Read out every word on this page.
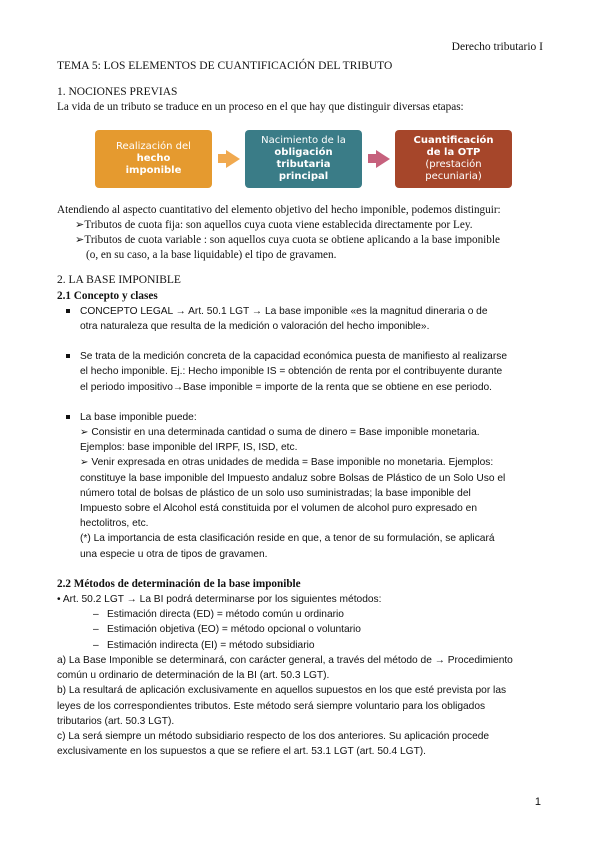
Derecho tributario I
TEMA 5: LOS ELEMENTOS DE CUANTIFICACIÓN DEL TRIBUTO
1. NOCIONES PREVIAS

La vida de un tributo se traduce en un proceso en el que hay que distinguir diversas etapas:

Realización del
hecho
imponible
Nacimiento de la
obligación
tributaria
principal
Cuantificación
de la OTP
(prestación
pecuniaria)

Atendiendo al aspecto cuantitativo del elemento objetivo del hecho imponible, podemos distinguir:

➢Tributos de cuota fija: son aquellos cuya cuota viene establecida directamente por Ley.

➢Tributos de cuota variable : son aquellos cuya cuota se obtiene aplicando a la base imponible

(o, en su caso, a la base liquidable) el tipo de gravamen.

2. LA BASE IMPONIBLE
2.1 Concepto y clases

CONCEPTO LEGAL → Art. 50.1 LGT → La base imponible «es la magnitud dineraria o de

otra naturaleza que resulta de la medición o valoración del hecho imponible».

Se trata de la medición concreta de la capacidad económica puesta de manifiesto al realizarse

el hecho imponible. Ej.: Hecho imponible IS = obtención de renta por el contribuyente durante

el periodo impositivo→Base imponible = importe de la renta que se obtiene en ese periodo.

La base imponible puede:

➢ Consistir en una determinada cantidad o suma de dinero = Base imponible monetaria.

Ejemplos: base imponible del IRPF, IS, ISD, etc.

➢ Venir expresada en otras unidades de medida = Base imponible no monetaria. Ejemplos:

constituye la base imponible del Impuesto andaluz sobre Bolsas de Plástico de un Solo Uso el

número total de bolsas de plástico de un solo uso suministradas; la base imponible del

Impuesto sobre el Alcohol está constituida por el volumen de alcohol puro expresado en

hectolitros, etc.

(*) La importancia de esta clasificación reside en que, a tenor de su formulación, se aplicará

una especie u otra de tipos de gravamen.

2.2 Métodos de determinación de la base imponible

• Art. 50.2 LGT → La BI podrá determinarse por los siguientes métodos:

– Estimación directa (ED) = método común u ordinario
– Estimación objetiva (EO) = método opcional o voluntario
– Estimación indirecta (EI) = método subsidiario

a) La Base Imponible se determinará, con carácter general, a través del método de → Procedimiento

común u ordinario de determinación de la BI (art. 50.3 LGT).

b) La resultará de aplicación exclusivamente en aquellos supuestos en los que esté prevista por las

leyes de los correspondientes tributos. Este método será siempre voluntario para los obligados

tributarios (art. 50.3 LGT).

c) La será siempre un método subsidiario respecto de los dos anteriores. Su aplicación procede

exclusivamente en los supuestos a que se refiere el art. 53.1 LGT (art. 50.4 LGT).

1
